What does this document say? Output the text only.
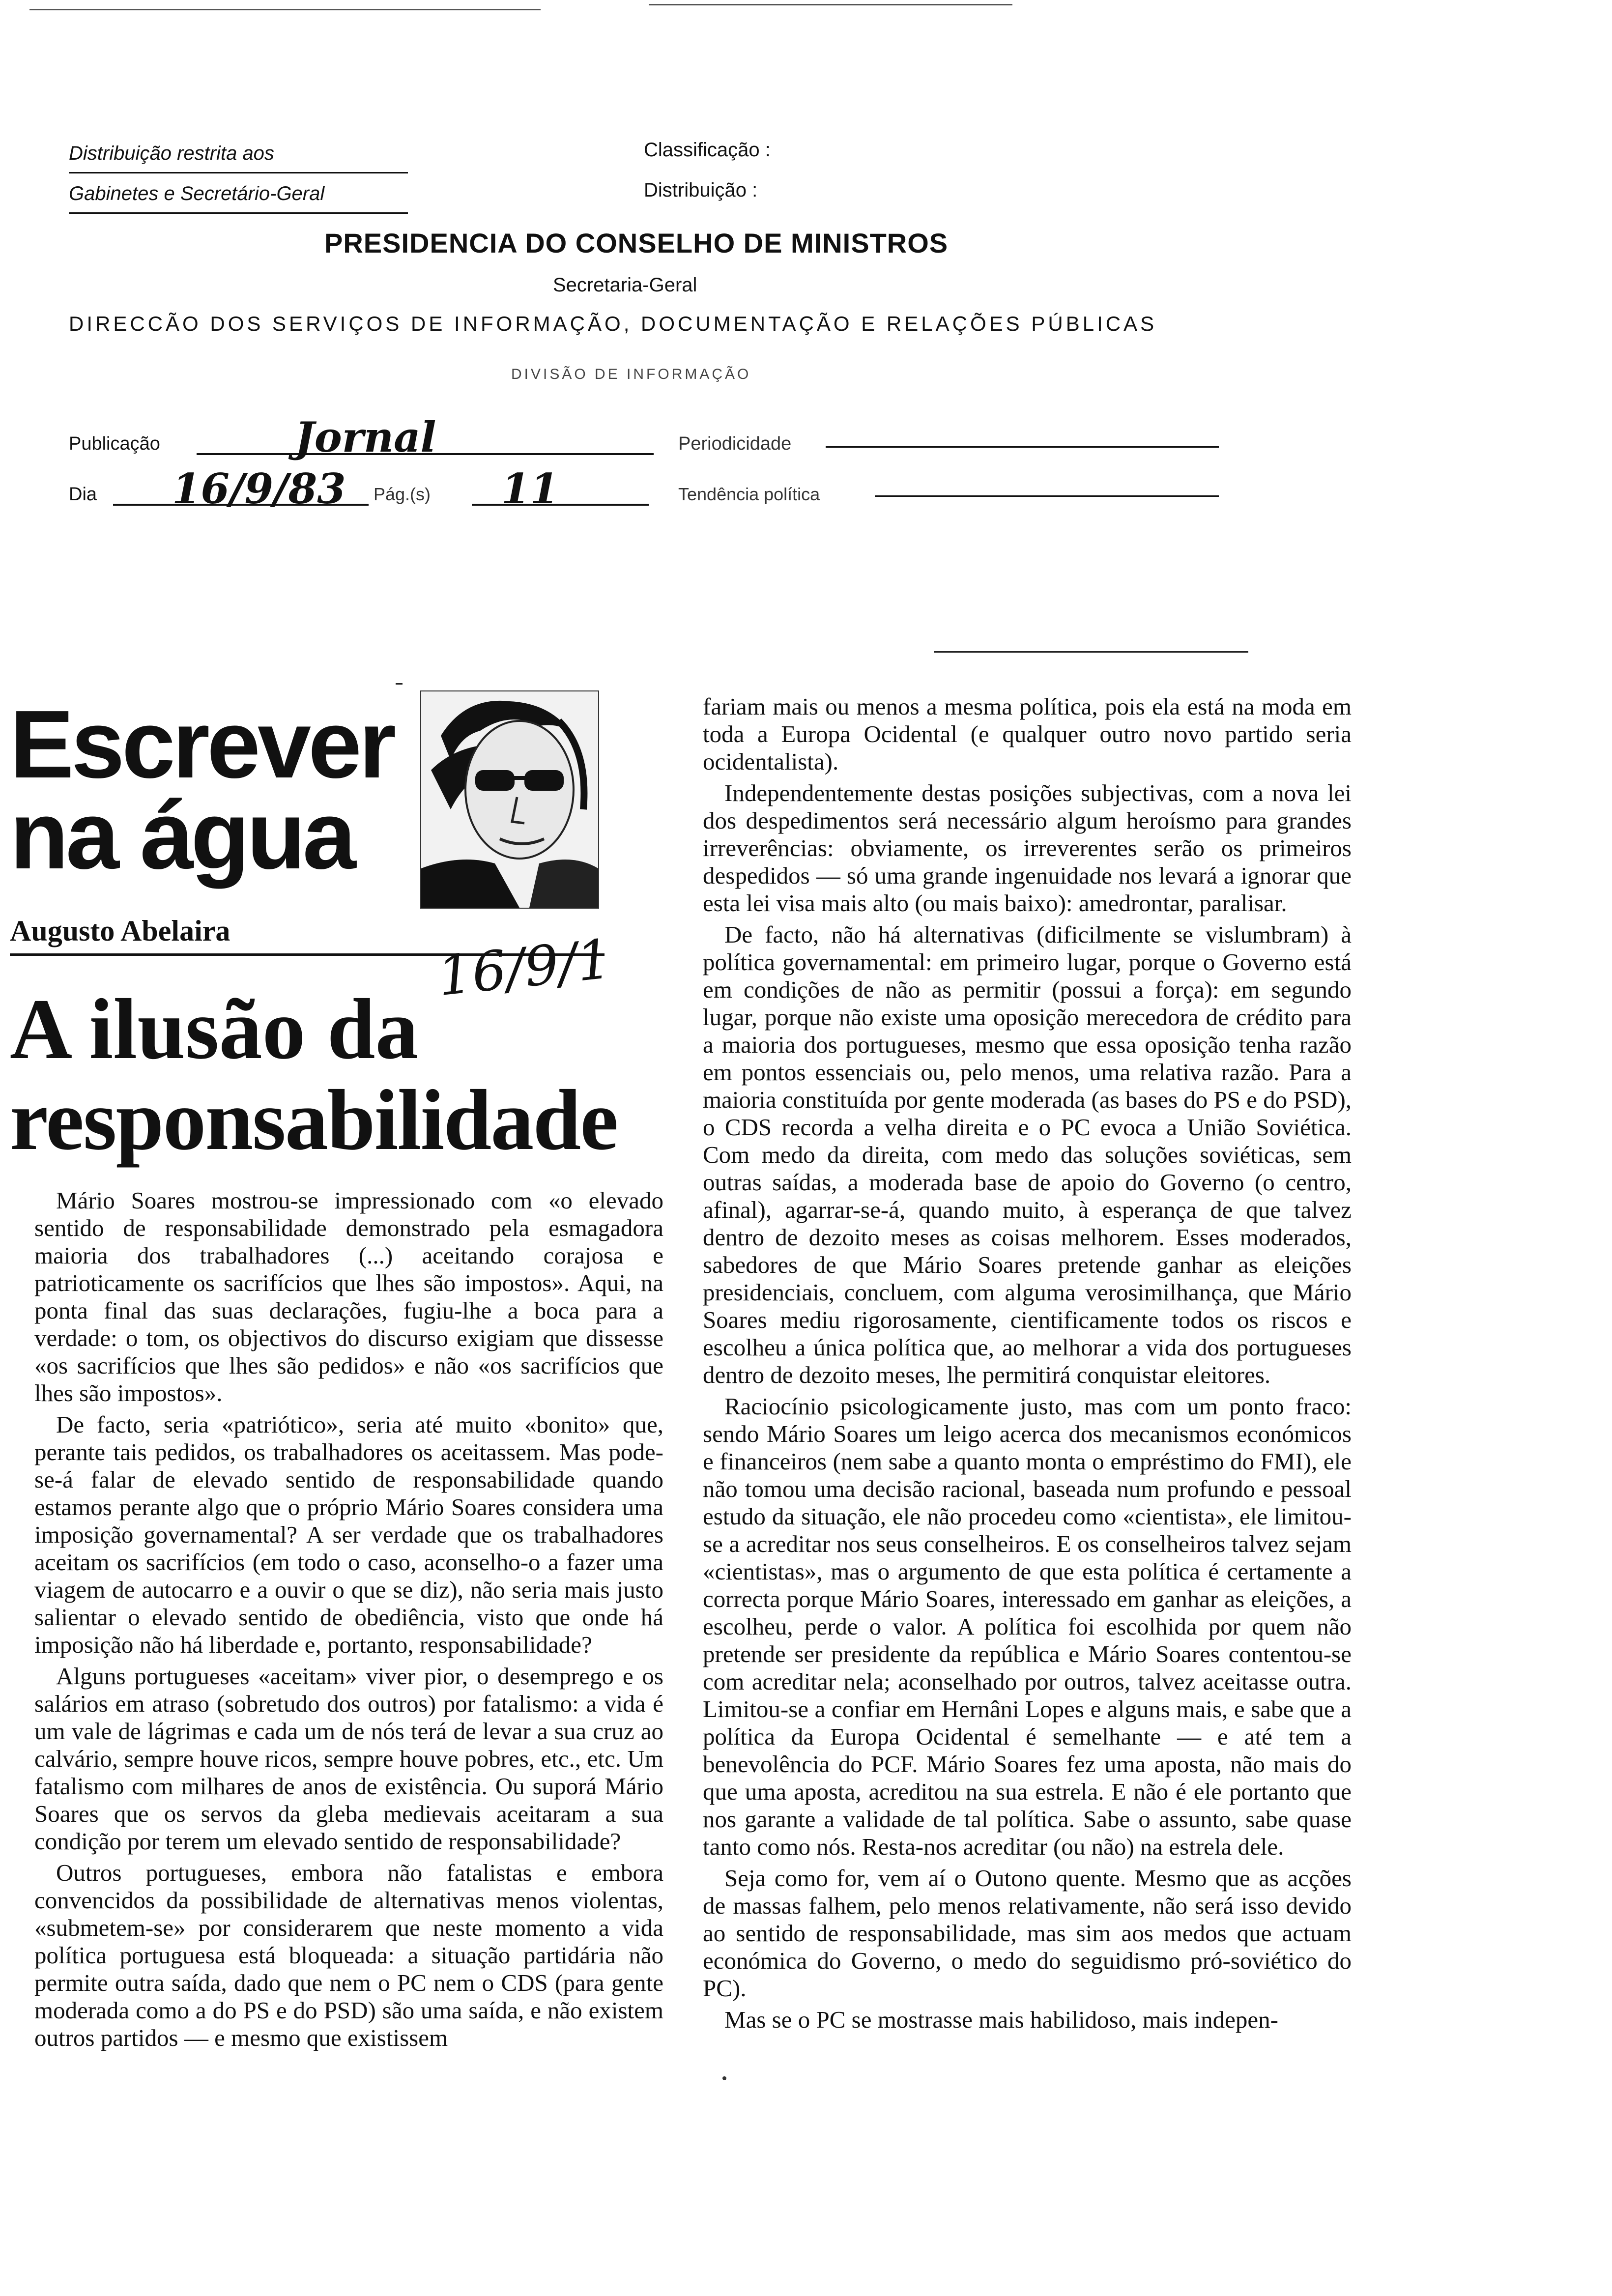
Distribuição restrita aos
Gabinetes e Secretário-Geral
Classificação :
Distribuição :
PRESIDENCIA DO CONSELHO DE MINISTROS
Secretaria-Geral
DIRECCÃO DOS SERVIÇOS DE INFORMAÇÃO, DOCUMENTAÇÃO E RELAÇÕES PÚBLICAS
DIVISÃO DE INFORMAÇÃO
Publicação	Jornal	Periodicidade
Dia 16/9/83 Pág.(s) 11	Tendência política
Escrever
na água
Augusto Abelaira	16/9/1
A ilusão da
responsabilidade

Mário Soares mostrou-se impressionado com «o elevado sentido de responsabilidade demonstrado pela esmagadora maioria dos trabalhadores (...) aceitando corajosa e patrioticamente os sacrifícios que lhes são impostos». Aqui, na ponta final das suas declarações, fugiu-lhe a boca para a verdade: o tom, os objectivos do discurso exigiam que dissesse «os sacrifícios que lhes são pedidos» e não «os sacrifícios que lhes são impostos».

De facto, seria «patriótico», seria até muito «bonito» que, perante tais pedidos, os trabalhadores os aceitassem. Mas pode-se-á falar de elevado sentido de responsabilidade quando estamos perante algo que o próprio Mário Soares considera uma imposição governamental? A ser verdade que os trabalhadores aceitam os sacrifícios (em todo o caso, aconselho-o a fazer uma viagem de autocarro e a ouvir o que se diz), não seria mais justo salientar o elevado sentido de obediência, visto que onde há imposição não há liberdade e, portanto, responsabilidade?

Alguns portugueses «aceitam» viver pior, o desemprego e os salários em atraso (sobretudo dos outros) por fatalismo: a vida é um vale de lágrimas e cada um de nós terá de levar a sua cruz ao calvário, sempre houve ricos, sempre houve pobres, etc., etc. Um fatalismo com milhares de anos de existência. Ou suporá Mário Soares que os servos da gleba medievais aceitaram a sua condição por terem um elevado sentido de responsabilidade?

Outros portugueses, embora não fatalistas e embora convencidos da possibilidade de alternativas menos violentas, «submetem-se» por considerarem que neste momento a vida política portuguesa está bloqueada: a situação partidária não permite outra saída, dado que nem o PC nem o CDS (para gente moderada como a do PS e do PSD) são uma saída, e não existem outros partidos — e mesmo que existissem

fariam mais ou menos a mesma política, pois ela está na moda em toda a Europa Ocidental (e qualquer outro novo partido seria ocidentalista).

Independentemente destas posições subjectivas, com a nova lei dos despedimentos será necessário algum heroísmo para grandes irreverências: obviamente, os irreverentes serão os primeiros despedidos — só uma grande ingenuidade nos levará a ignorar que esta lei visa mais alto (ou mais baixo): amedrontar, paralisar.

De facto, não há alternativas (dificilmente se vislumbram) à política governamental: em primeiro lugar, porque o Governo está em condições de não as permitir (possui a força): em segundo lugar, porque não existe uma oposição merecedora de crédito para a maioria dos portugueses, mesmo que essa oposição tenha razão em pontos essenciais ou, pelo menos, uma relativa razão. Para a maioria constituída por gente moderada (as bases do PS e do PSD), o CDS recorda a velha direita e o PC evoca a União Soviética. Com medo da direita, com medo das soluções soviéticas, sem outras saídas, a moderada base de apoio do Governo (o centro, afinal), agarrar-se-á, quando muito, à esperança de que talvez dentro de dezoito meses as coisas melhorem. Esses moderados, sabedores de que Mário Soares pretende ganhar as eleições presidenciais, concluem, com alguma verosimilhança, que Mário Soares mediu rigorosamente, cientificamente todos os riscos e escolheu a única política que, ao melhorar a vida dos portugueses dentro de dezoito meses, lhe permitirá conquistar eleitores.

Raciocínio psicologicamente justo, mas com um ponto fraco: sendo Mário Soares um leigo acerca dos mecanismos económicos e financeiros (nem sabe a quanto monta o empréstimo do FMI), ele não tomou uma decisão racional, baseada num profundo e pessoal estudo da situação, ele não procedeu como «cientista», ele limitou-se a acreditar nos seus conselheiros. E os conselheiros talvez sejam «cientistas», mas o argumento de que esta política é certamente a correcta porque Mário Soares, interessado em ganhar as eleições, a escolheu, perde o valor. A política foi escolhida por quem não pretende ser presidente da república e Mário Soares contentou-se com acreditar nela; aconselhado por outros, talvez aceitasse outra. Limitou-se a confiar em Hernâni Lopes e alguns mais, e sabe que a política da Europa Ocidental é semelhante — e até tem a benevolência do PCF. Mário Soares fez uma aposta, não mais do que uma aposta, acreditou na sua estrela. E não é ele portanto que nos garante a validade de tal política. Sabe o assunto, sabe quase tanto como nós. Resta-nos acreditar (ou não) na estrela dele.

Seja como for, vem aí o Outono quente. Mesmo que as acções de massas falhem, pelo menos relativamente, não será isso devido ao sentido de responsabilidade, mas sim aos medos que actuam económica do Governo, o medo do seguidismo pró-soviético do PC).

Mas se o PC se mostrasse mais habilidoso, mais indepen-
